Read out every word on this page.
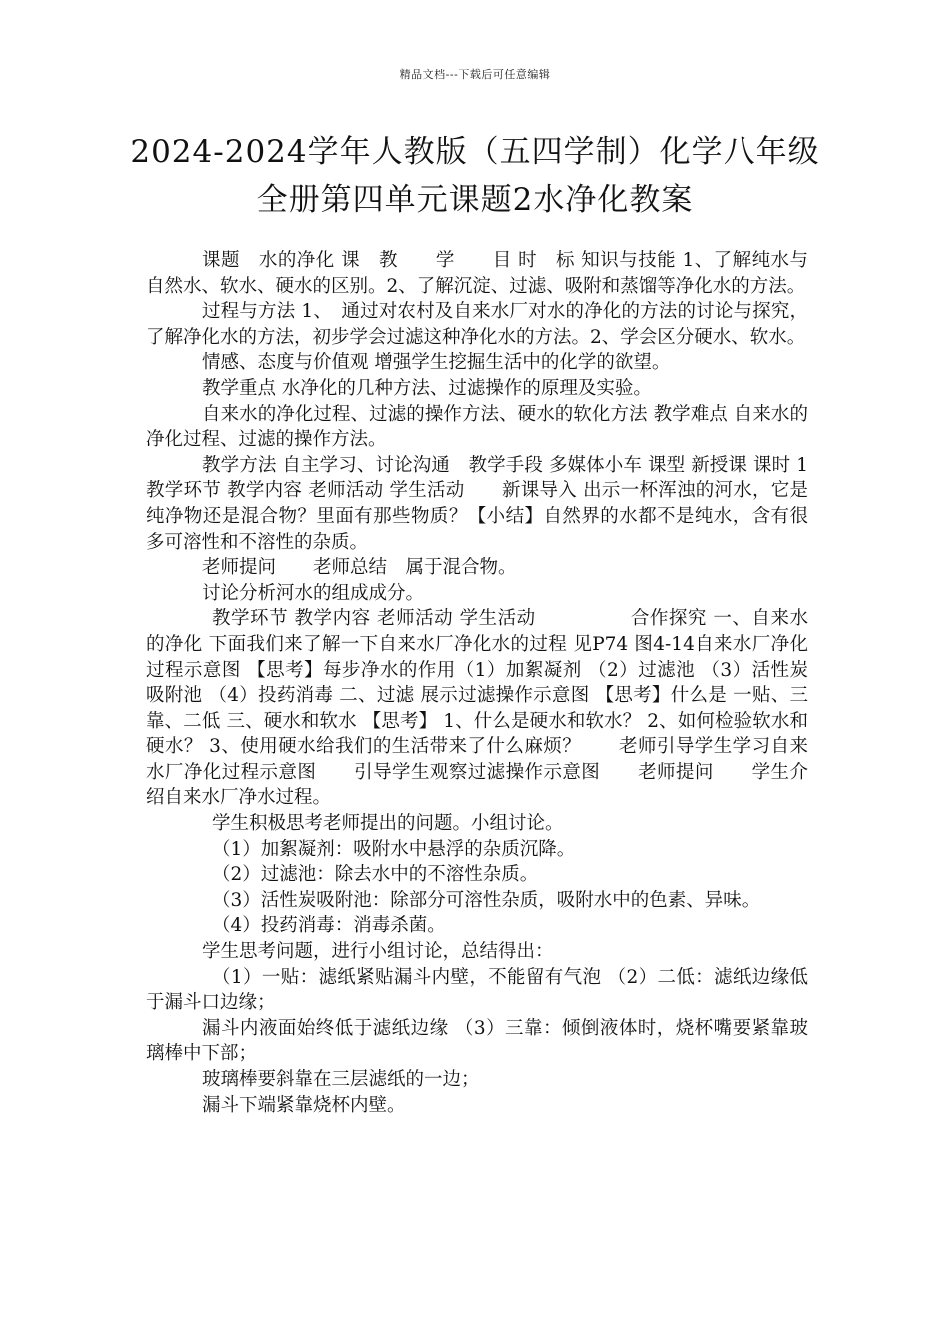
精品文档---下载后可任意编辑
2024-2024学年人教版（五四学制）化学八年级全册第四单元课题2水净化教案

课题　水的净化 课　教　　学　　目 时　标 知识与技能 1、了解纯水与自然水、软水、硬水的区别。2、了解沉淀、过滤、吸附和蒸馏等净化水的方法。

过程与方法 1、　通过对农村及自来水厂对水的净化的方法的讨论与探究，了解净化水的方法，初步学会过滤这种净化水的方法。2、学会区分硬水、软水。

情感、态度与价值观 增强学生挖掘生活中的化学的欲望。

教学重点 水净化的几种方法、过滤操作的原理及实验。

自来水的净化过程、过滤的操作方法、硬水的软化方法 教学难点 自来水的净化过程、过滤的操作方法。

教学方法 自主学习、讨论沟通　教学手段 多媒体小车 课型 新授课 课时 1 教学环节 教学内容 老师活动 学生活动　　新课导入 出示一杯浑浊的河水，它是纯净物还是混合物？里面有那些物质？【小结】自然界的水都不是纯水，含有很多可溶性和不溶性的杂质。

老师提问　　老师总结　属于混合物。

讨论分析河水的组成成分。

教学环节 教学内容 老师活动 学生活动　　　　　合作探究 一、自来水的净化 下面我们来了解一下自来水厂净化水的过程 见P74 图4-14自来水厂净化过程示意图 【思考】每步净水的作用（1）加絮凝剂 （2）过滤池 （3）活性炭吸附池 （4）投药消毒 二、过滤 展示过滤操作示意图 【思考】什么是 一贴、三靠、二低 三、硬水和软水 【思考】 1、什么是硬水和软水？ 2、如何检验软水和硬水？ 3、使用硬水给我们的生活带来了什么麻烦？　　老师引导学生学习自来水厂净化过程示意图　　引导学生观察过滤操作示意图　　老师提问　　学生介绍自来水厂净水过程。

学生积极思考老师提出的问题。小组讨论。

（1）加絮凝剂：吸附水中悬浮的杂质沉降。

（2）过滤池：除去水中的不溶性杂质。

（3）活性炭吸附池：除部分可溶性杂质，吸附水中的色素、异味。

（4）投药消毒：消毒杀菌。

学生思考问题，进行小组讨论，总结得出：

（1）一贴：滤纸紧贴漏斗内壁，不能留有气泡 （2）二低：滤纸边缘低于漏斗口边缘；

漏斗内液面始终低于滤纸边缘 （3）三靠：倾倒液体时，烧杯嘴要紧靠玻璃棒中下部；

玻璃棒要斜靠在三层滤纸的一边；

漏斗下端紧靠烧杯内壁。
